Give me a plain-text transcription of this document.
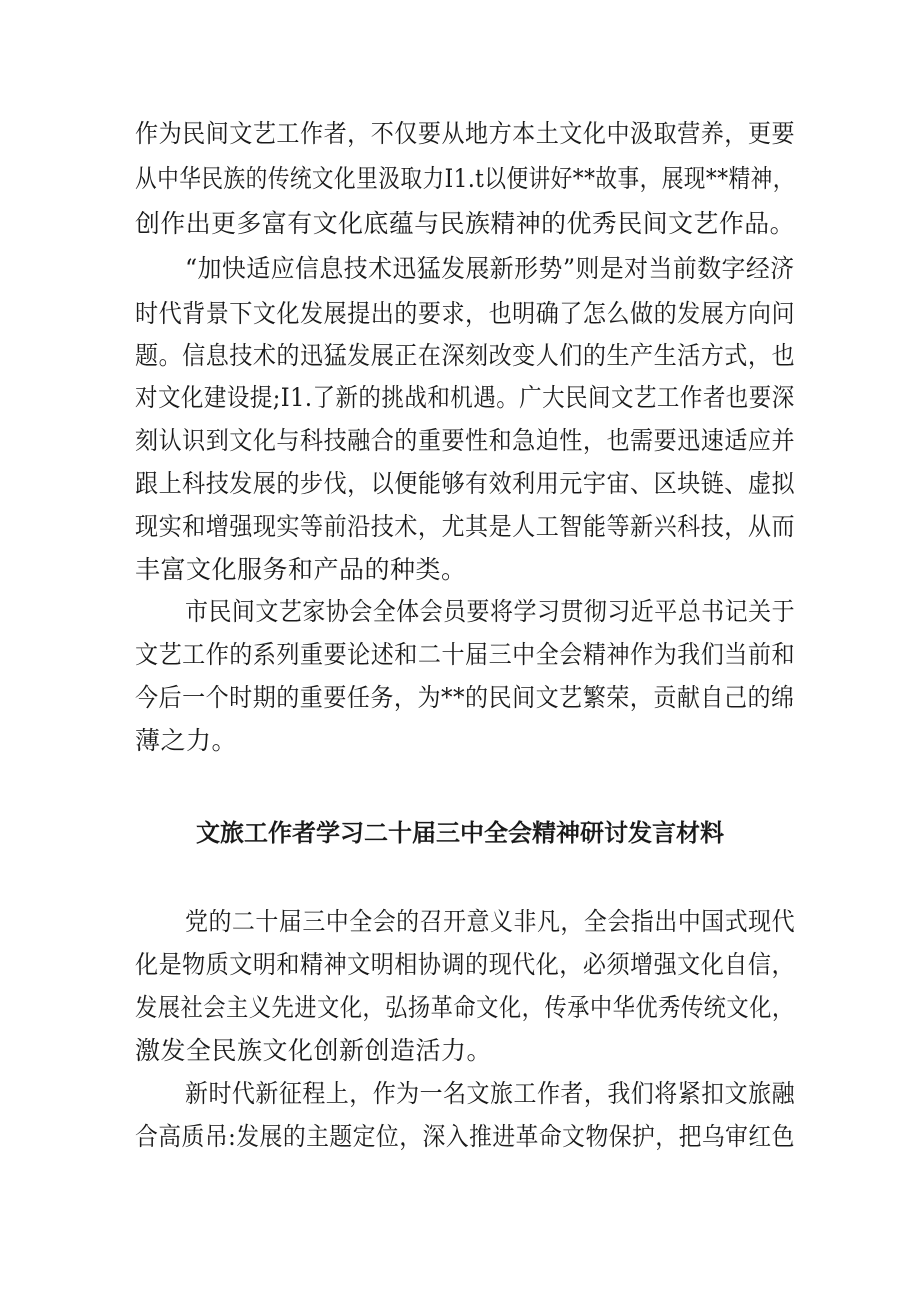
作为民间文艺工作者，不仅要从地方本土文化中汲取营养，更要
从中华民族的传统文化里汲取力I1.t以便讲好**故事，展现**精神，
创作出更多富有文化底蕴与民族精神的优秀民间文艺作品。
“加快适应信息技术迅猛发展新形势”则是对当前数字经济
时代背景下文化发展提出的要求，也明确了怎么做的发展方向问
题。信息技术的迅猛发展正在深刻改变人们的生产生活方式，也
对文化建设提;I1.了新的挑战和机遇。广大民间文艺工作者也要深
刻认识到文化与科技融合的重要性和急迫性，也需要迅速适应并
跟上科技发展的步伐，以便能够有效利用元宇宙、区块链、虚拟
现实和增强现实等前沿技术，尤其是人工智能等新兴科技，从而
丰富文化服务和产品的种类。
市民间文艺家协会全体会员要将学习贯彻习近平总书记关于
文艺工作的系列重要论述和二十届三中全会精神作为我们当前和
今后一个时期的重要任务，为**的民间文艺繁荣，贡献自己的绵
薄之力。
文旅工作者学习二十届三中全会精神研讨发言材料
党的二十届三中全会的召开意义非凡，全会指出中国式现代
化是物质文明和精神文明相协调的现代化，必须增强文化自信，
发展社会主义先进文化，弘扬革命文化，传承中华优秀传统文化，
激发全民族文化创新创造活力。
新时代新征程上，作为一名文旅工作者，我们将紧扣文旅融
合高质吊:发展的主题定位，深入推进革命文物保护，把乌审红色
